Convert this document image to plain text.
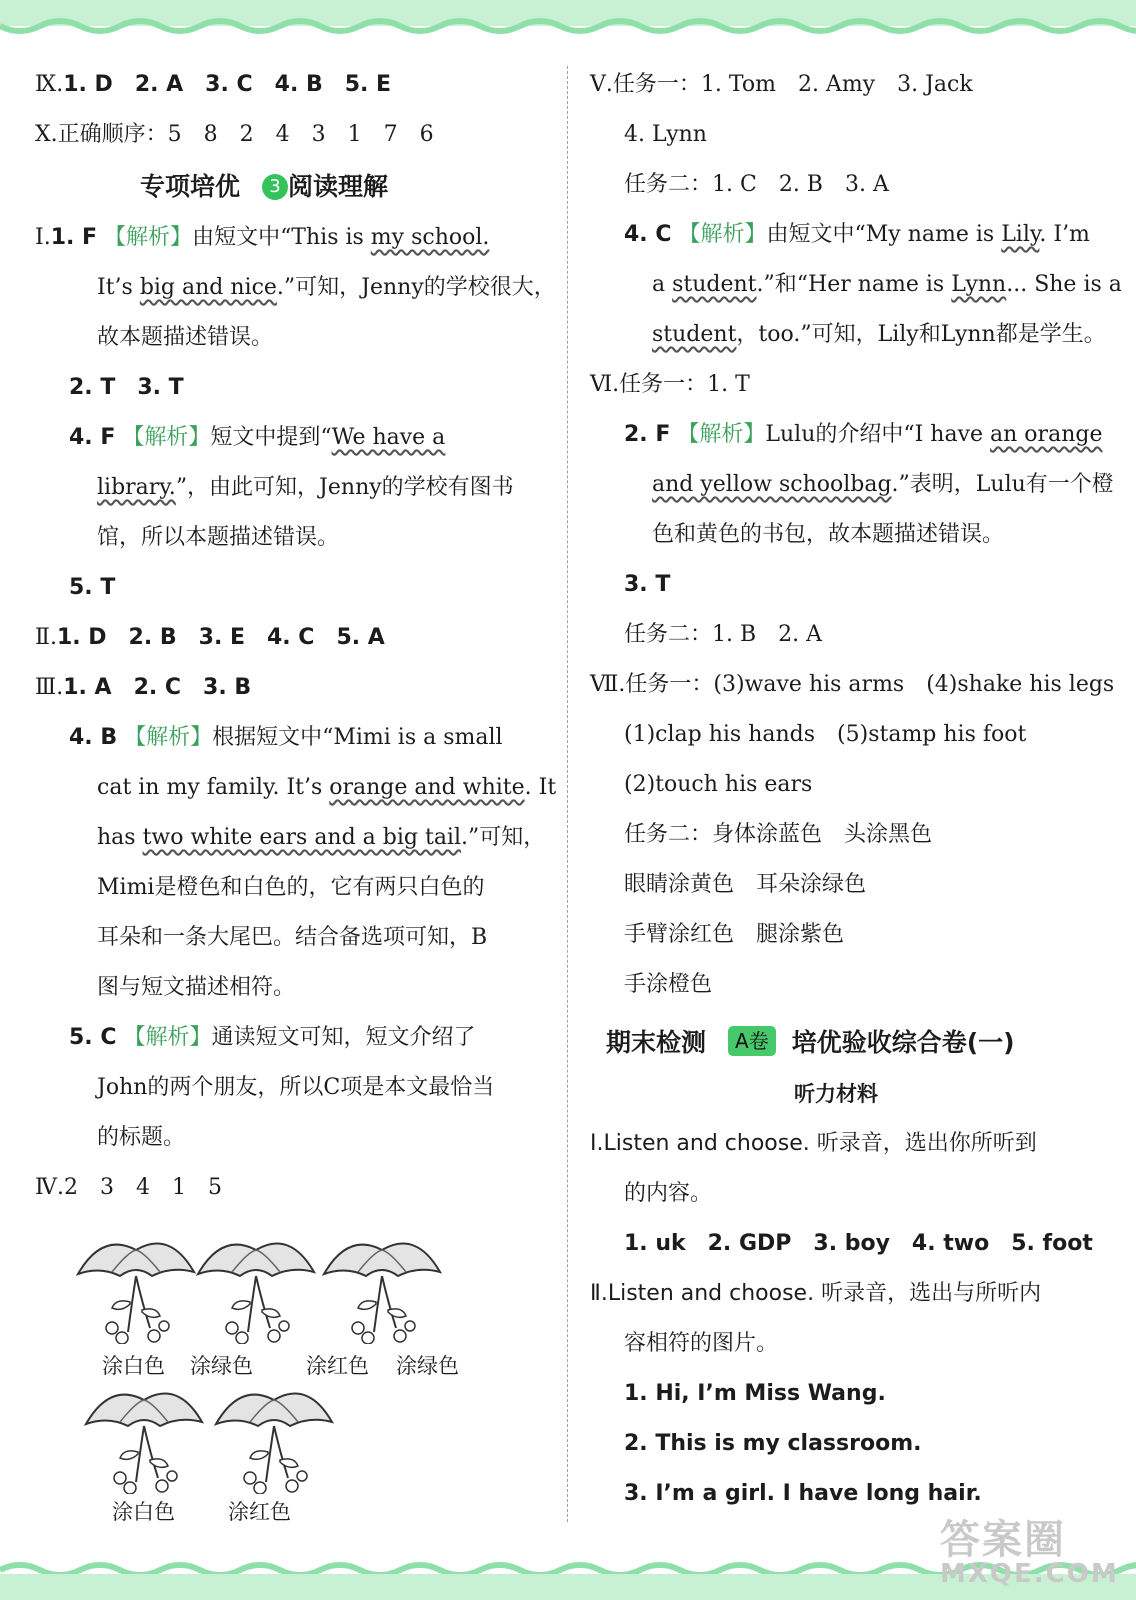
Ⅸ.1. D　2. A　3. C　4. B　5. E
Ⅹ.正确顺序：5　8　2　4　3　1　7　6
专项培优 3 阅读理解
Ⅰ.1. F 【解析】由短文中“This is my school.
It’s big and nice.”可知，Jenny的学校很大，
故本题描述错误。
2. T　3. T
4. F 【解析】短文中提到“We have a
library.”，由此可知，Jenny的学校有图书
馆，所以本题描述错误。
5. T
Ⅱ.1. D　2. B　3. E　4. C　5. A
Ⅲ.1. A　2. C　3. B
4. B 【解析】根据短文中“Mimi is a small
cat in my family. It’s orange and white. It
has two white ears and a big tail.”可知，
Mimi是橙色和白色的，它有两只白色的
耳朵和一条大尾巴。结合备选项可知，B
图与短文描述相符。
5. C 【解析】通读短文可知，短文介绍了
John的两个朋友，所以C项是本文最恰当
的标题。
Ⅳ.2　3　4　1　5
涂白色 涂绿色	涂红色 涂绿色
涂白色	涂红色
Ⅴ.任务一：1. Tom　2. Amy　3. Jack
4. Lynn
任务二：1. C　2. B　3. A
4. C 【解析】由短文中“My name is Lily. I’m
a student.”和“Her name is Lynn... She is a
student，too.”可知，Lily和Lynn都是学生。
Ⅵ.任务一：1. T
2. F 【解析】Lulu的介绍中“I have an orange
and yellow schoolbag.”表明，Lulu有一个橙
色和黄色的书包，故本题描述错误。
3. T
任务二：1. B　2. A
Ⅶ.任务一：(3)wave his arms　(4)shake his legs
(1)clap his hands　(5)stamp his foot
(2)touch his ears
任务二：身体涂蓝色　头涂黑色
眼睛涂黄色　耳朵涂绿色
手臂涂红色　腿涂紫色
手涂橙色
期末检测 A卷 培优验收综合卷(一)
听力材料
Ⅰ.Listen and choose. 听录音，选出你所听到
的内容。
1. uk　2. GDP　3. boy　4. two　5. foot
Ⅱ.Listen and choose. 听录音，选出与所听内
容相符的图片。
1. Hi, I’m Miss Wang.
2. This is my classroom.
3. I’m a girl. I have long hair.
答案圈
MXQE.COM
